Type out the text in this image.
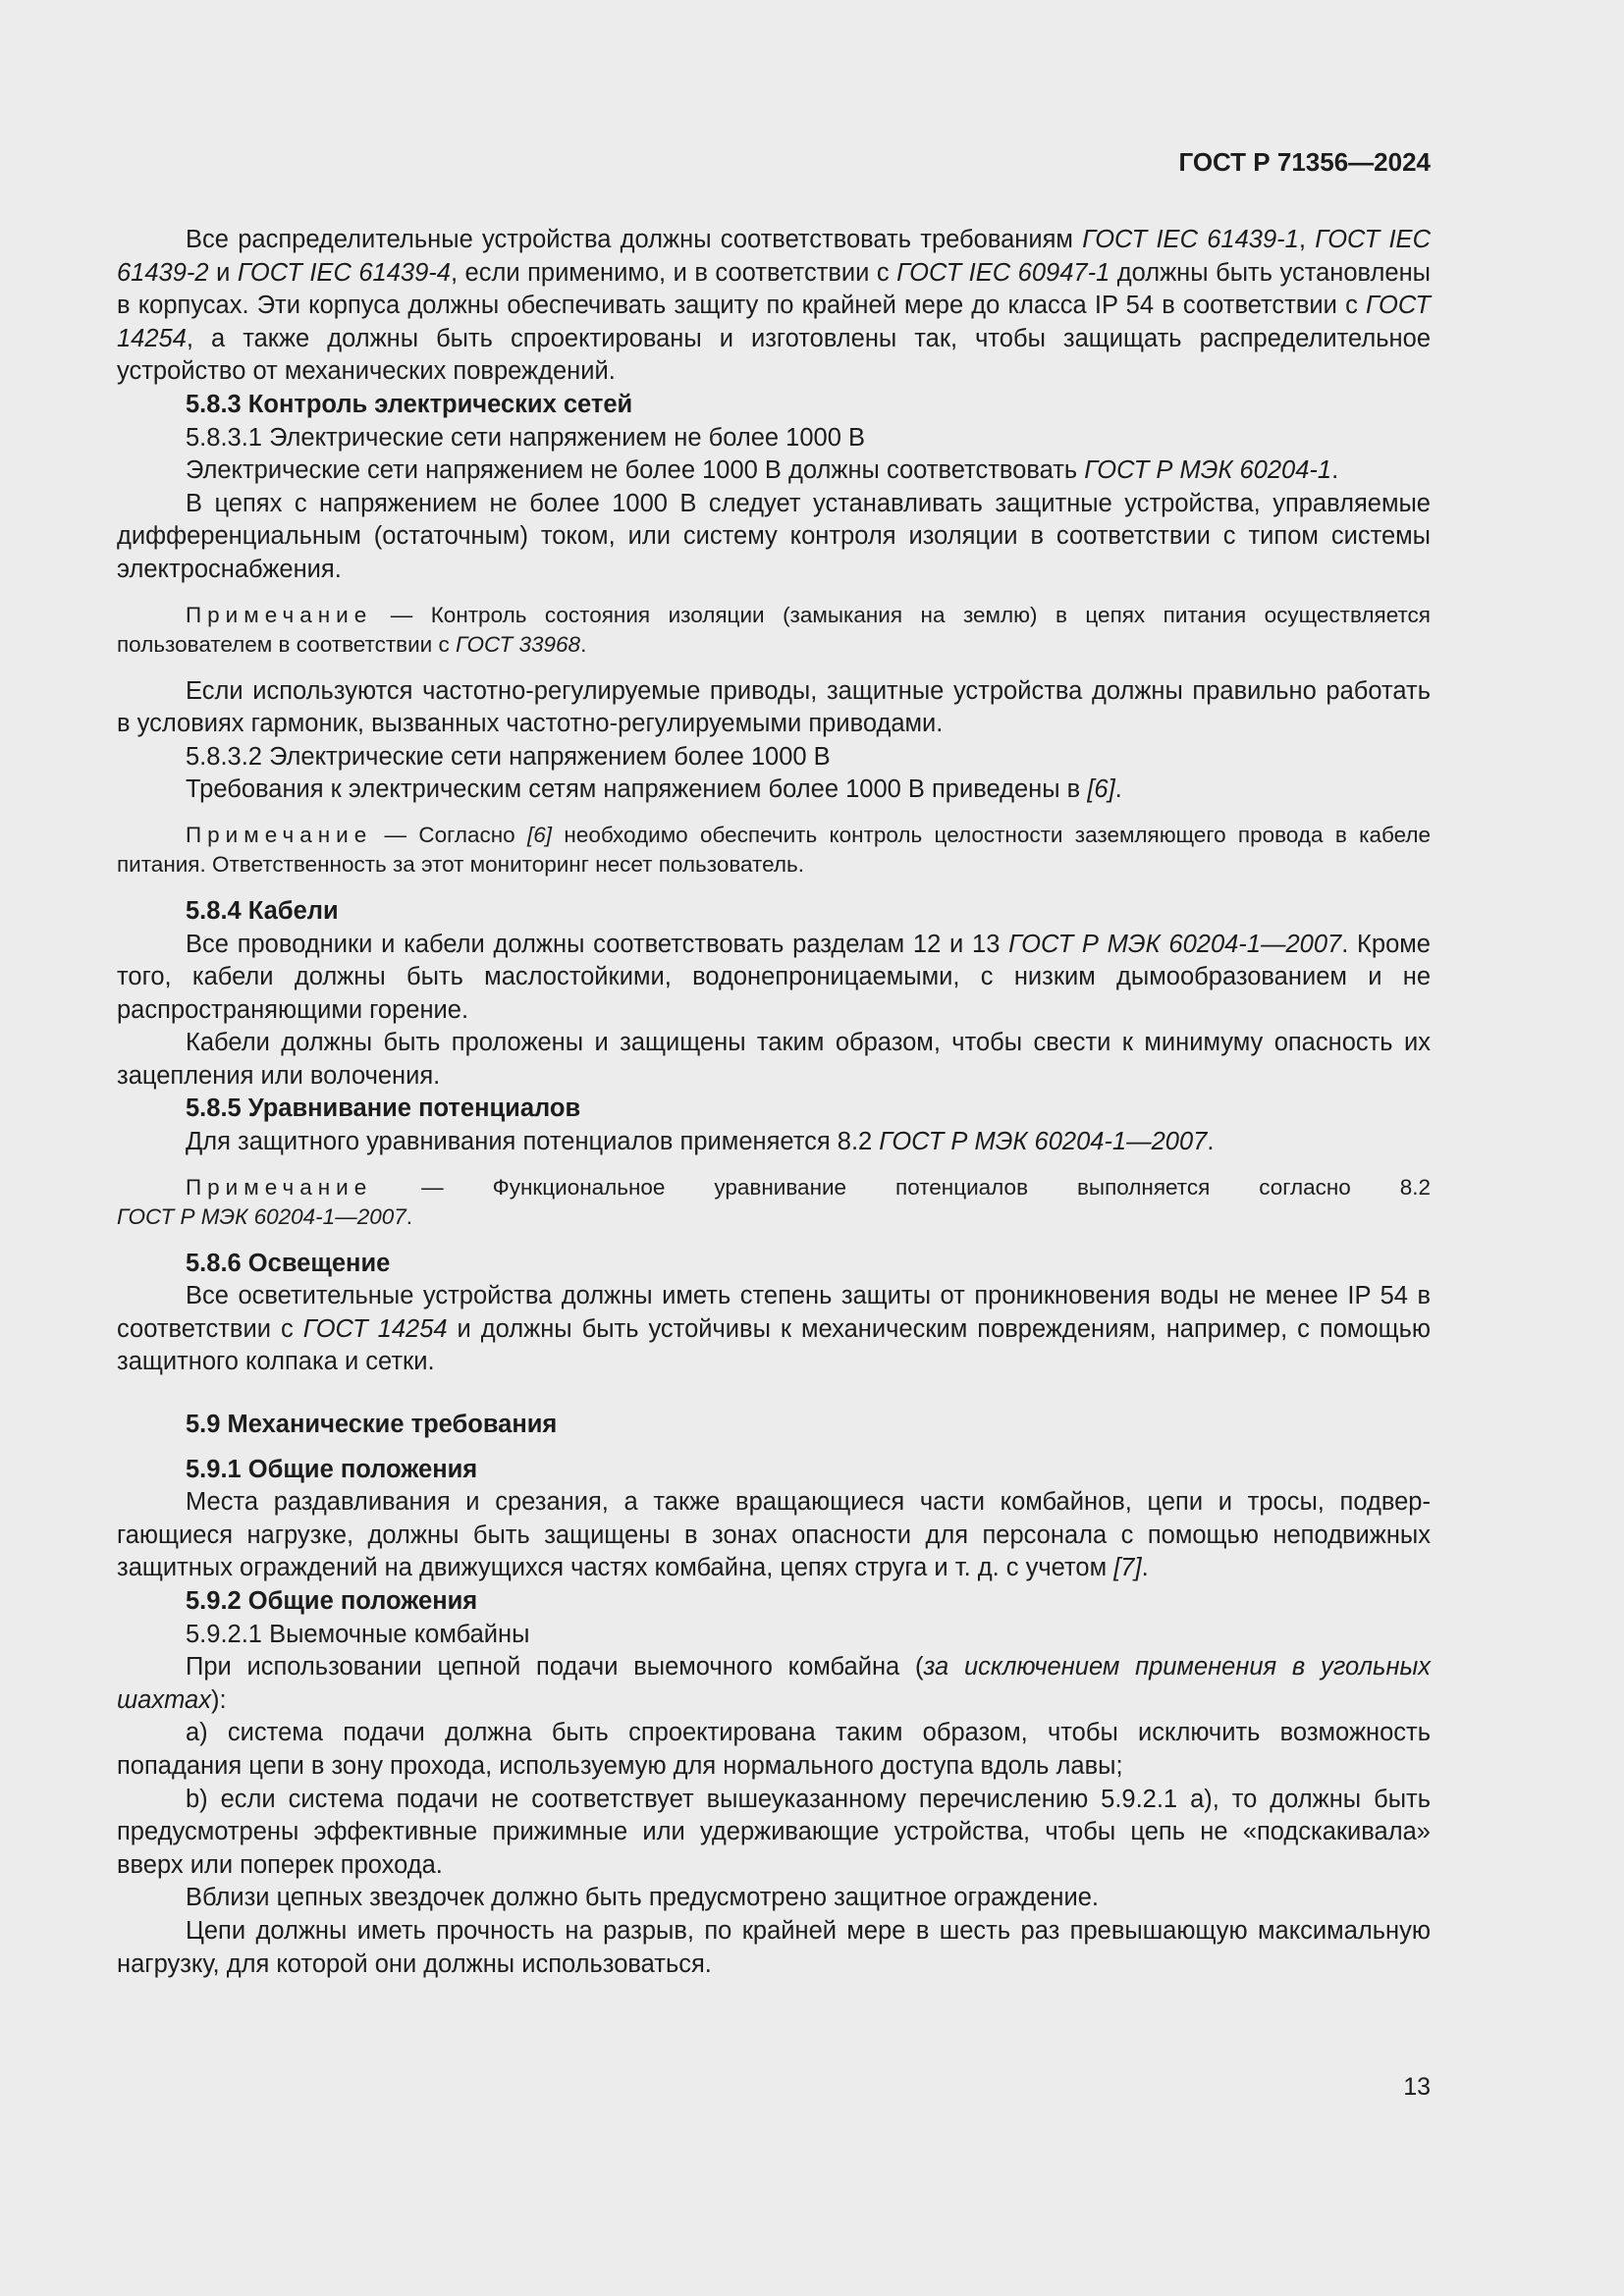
ГОСТ Р 71356—2024

Все распределительные устройства должны соответствовать требованиям ГОСТ IEC 61439-1, ГОСТ IEC 61439-2 и ГОСТ IEC 61439-4, если применимо, и в соответствии с ГОСТ IEC 60947-1 должны быть установлены в корпусах. Эти корпуса должны обеспечивать защиту по крайней мере до класса IP 54 в соответствии с ГОСТ 14254, а также должны быть спроектированы и изготовлены так, чтобы защищать распределительное устройство от механических повреждений.

5.8.3 Контроль электрических сетей

5.8.3.1 Электрические сети напряжением не более 1000 В

Электрические сети напряжением не более 1000 В должны соответствовать ГОСТ Р МЭК 60204-1.

В цепях с напряжением не более 1000 В следует устанавливать защитные устройства, управляемые дифференциальным (остаточным) током, или систему контроля изоляции в соответствии с типом системы электроснабжения.

Примечание — Контроль состояния изоляции (замыкания на землю) в цепях питания осуществляется пользователем в соответствии с ГОСТ 33968.

Если используются частотно-регулируемые приводы, защитные устройства должны правильно работать в условиях гармоник, вызванных частотно-регулируемыми приводами.

5.8.3.2 Электрические сети напряжением более 1000 В

Требования к электрическим сетям напряжением более 1000 В приведены в [6].

Примечание — Согласно [6] необходимо обеспечить контроль целостности заземляющего провода в кабеле питания. Ответственность за этот мониторинг несет пользователь.

5.8.4 Кабели

Все проводники и кабели должны соответствовать разделам 12 и 13 ГОСТ Р МЭК 60204-1—2007. Кроме того, кабели должны быть маслостойкими, водонепроницаемыми, с низким дымообразованием и не распространяющими горение.

Кабели должны быть проложены и защищены таким образом, чтобы свести к минимуму опасность их зацепления или волочения.

5.8.5 Уравнивание потенциалов

Для защитного уравнивания потенциалов применяется 8.2 ГОСТ Р МЭК 60204-1—2007.

Примечание — Функциональное уравнивание потенциалов выполняется согласно 8.2
ГОСТ Р МЭК 60204-1—2007.

5.8.6 Освещение

Все осветительные устройства должны иметь степень защиты от проникновения воды не менее IP 54 в соответствии с ГОСТ 14254 и должны быть устойчивы к механическим повреждениям, например, с помощью защитного колпака и сетки.

5.9 Механические требования

5.9.1 Общие положения

Места раздавливания и срезания, а также вращающиеся части комбайнов, цепи и тросы, подвергающиеся нагрузке, должны быть защищены в зонах опасности для персонала с помощью неподвижных защитных ограждений на движущихся частях комбайна, цепях струга и т. д. с учетом [7].

5.9.2 Общие положения

5.9.2.1 Выемочные комбайны

При использовании цепной подачи выемочного комбайна (за исключением применения в угольных шахтах):

a) система подачи должна быть спроектирована таким образом, чтобы исключить возможность попадания цепи в зону прохода, используемую для нормального доступа вдоль лавы;

b) если система подачи не соответствует вышеуказанному перечислению 5.9.2.1 a), то должны быть предусмотрены эффективные прижимные или удерживающие устройства, чтобы цепь не «подскакивала» вверх или поперек прохода.

Вблизи цепных звездочек должно быть предусмотрено защитное ограждение.

Цепи должны иметь прочность на разрыв, по крайней мере в шесть раз превышающую максимальную нагрузку, для которой они должны использоваться.

13
